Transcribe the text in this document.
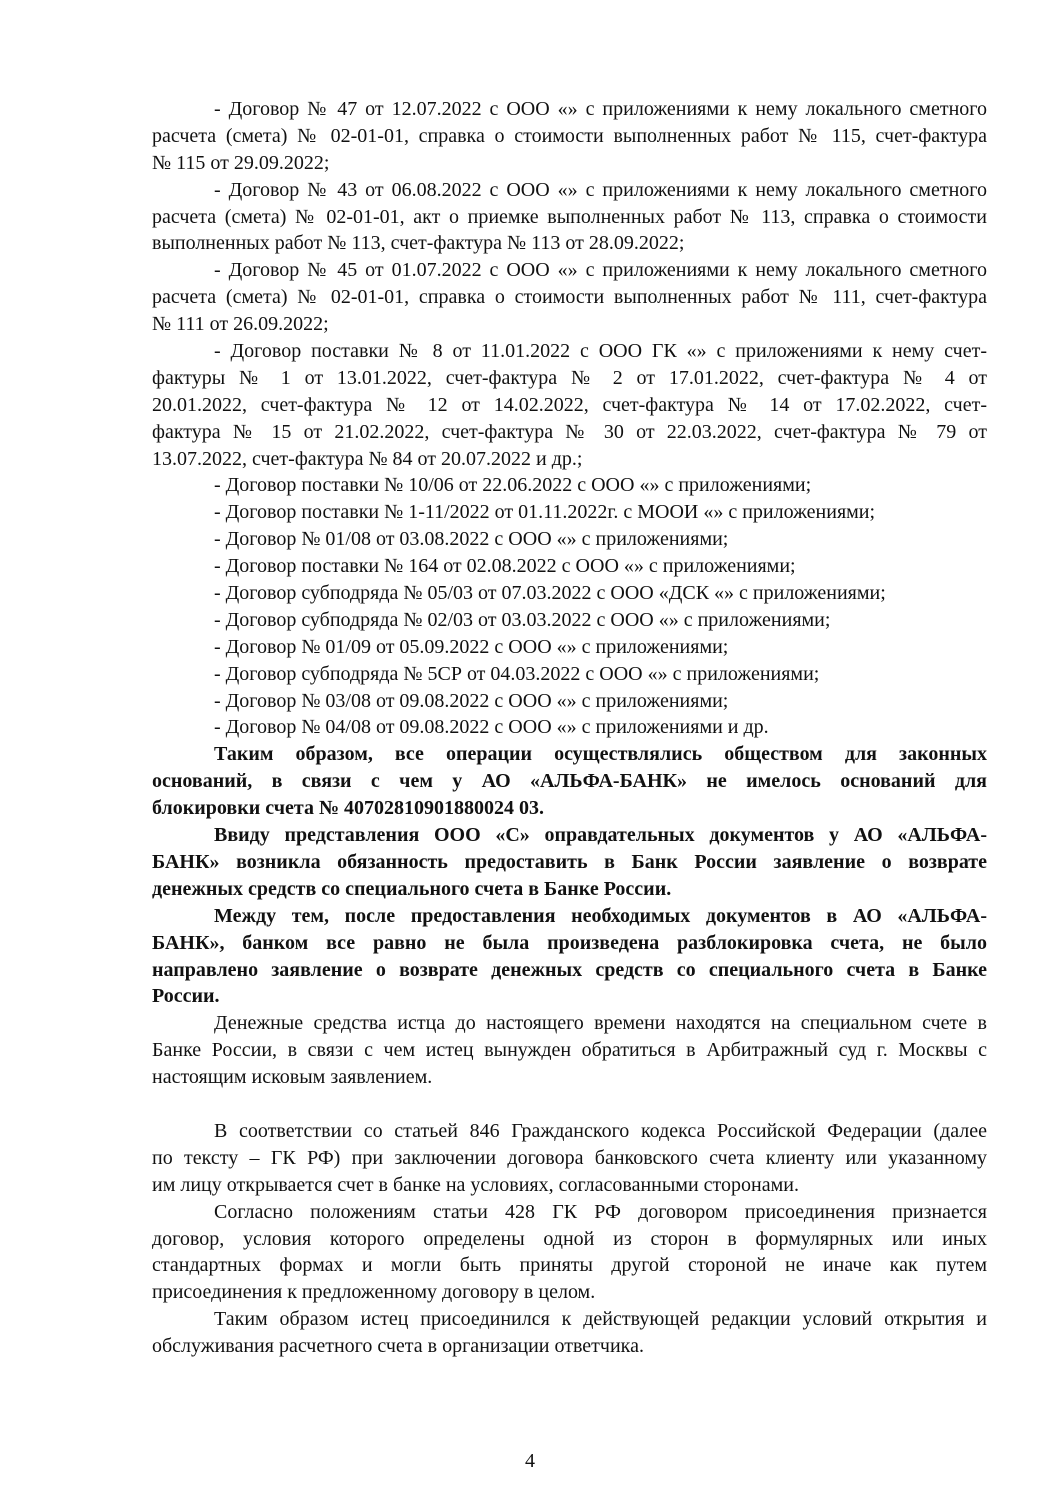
- Договор № 47 от 12.07.2022 с ООО «» с приложениями к нему локального сметного
расчета (смета) № 02-01-01, справка о стоимости выполненных работ № 115, счет-фактура
№ 115 от 29.09.2022;
- Договор № 43 от 06.08.2022 с ООО «» с приложениями к нему локального сметного
расчета (смета) № 02-01-01, акт о приемке выполненных работ № 113, справка о стоимости
выполненных работ № 113, счет-фактура № 113 от 28.09.2022;
- Договор № 45 от 01.07.2022 с ООО «» с приложениями к нему локального сметного
расчета (смета) № 02-01-01, справка о стоимости выполненных работ № 111, счет-фактура
№ 111 от 26.09.2022;
- Договор поставки № 8 от 11.01.2022 с ООО ГК «» с приложениями к нему счет-
фактуры № 1 от 13.01.2022, счет-фактура № 2 от 17.01.2022, счет-фактура № 4 от
20.01.2022, счет-фактура № 12 от 14.02.2022, счет-фактура № 14 от 17.02.2022, счет-
фактура № 15 от 21.02.2022, счет-фактура № 30 от 22.03.2022, счет-фактура № 79 от
13.07.2022, счет-фактура № 84 от 20.07.2022 и др.;
- Договор поставки № 10/06 от 22.06.2022 с ООО «» с приложениями;
- Договор поставки № 1-11/2022 от 01.11.2022г. с МООИ «» с приложениями;
- Договор № 01/08 от 03.08.2022 с ООО «» с приложениями;
- Договор поставки № 164 от 02.08.2022 с ООО «» с приложениями;
- Договор субподряда № 05/03 от 07.03.2022 с ООО «ДСК «» с приложениями;
- Договор субподряда № 02/03 от 03.03.2022 с ООО «» с приложениями;
- Договор № 01/09 от 05.09.2022 с ООО «» с приложениями;
- Договор субподряда № 5СР от 04.03.2022 с ООО «» с приложениями;
- Договор № 03/08 от 09.08.2022 с ООО «» с приложениями;
- Договор № 04/08 от 09.08.2022 с ООО «» с приложениями и др.
Таким образом, все операции осуществлялись обществом для законных
оснований, в связи с чем у АО «АЛЬФА-БАНК» не имелось оснований для
блокировки счета № 40702810901880024 03.
Ввиду представления ООО «С» оправдательных документов у АО «АЛЬФА-
БАНК» возникла обязанность предоставить в Банк России заявление о возврате
денежных средств со специального счета в Банке России.
Между тем, после предоставления необходимых документов в АО «АЛЬФА-
БАНК», банком все равно не была произведена разблокировка счета, не было
направлено заявление о возврате денежных средств со специального счета в Банке
России.
Денежные средства истца до настоящего времени находятся на специальном счете в
Банке России, в связи с чем истец вынужден обратиться в Арбитражный суд г. Москвы с
настоящим исковым заявлением.
В соответствии со статьей 846 Гражданского кодекса Российской Федерации (далее
по тексту – ГК РФ) при заключении договора банковского счета клиенту или указанному
им лицу открывается счет в банке на условиях, согласованными сторонами.
Согласно положениям статьи 428 ГК РФ договором присоединения признается
договор, условия которого определены одной из сторон в формулярных или иных
стандартных формах и могли быть приняты другой стороной не иначе как путем
присоединения к предложенному договору в целом.
Таким образом истец присоединился к действующей редакции условий открытия и
обслуживания расчетного счета в организации ответчика.
4
